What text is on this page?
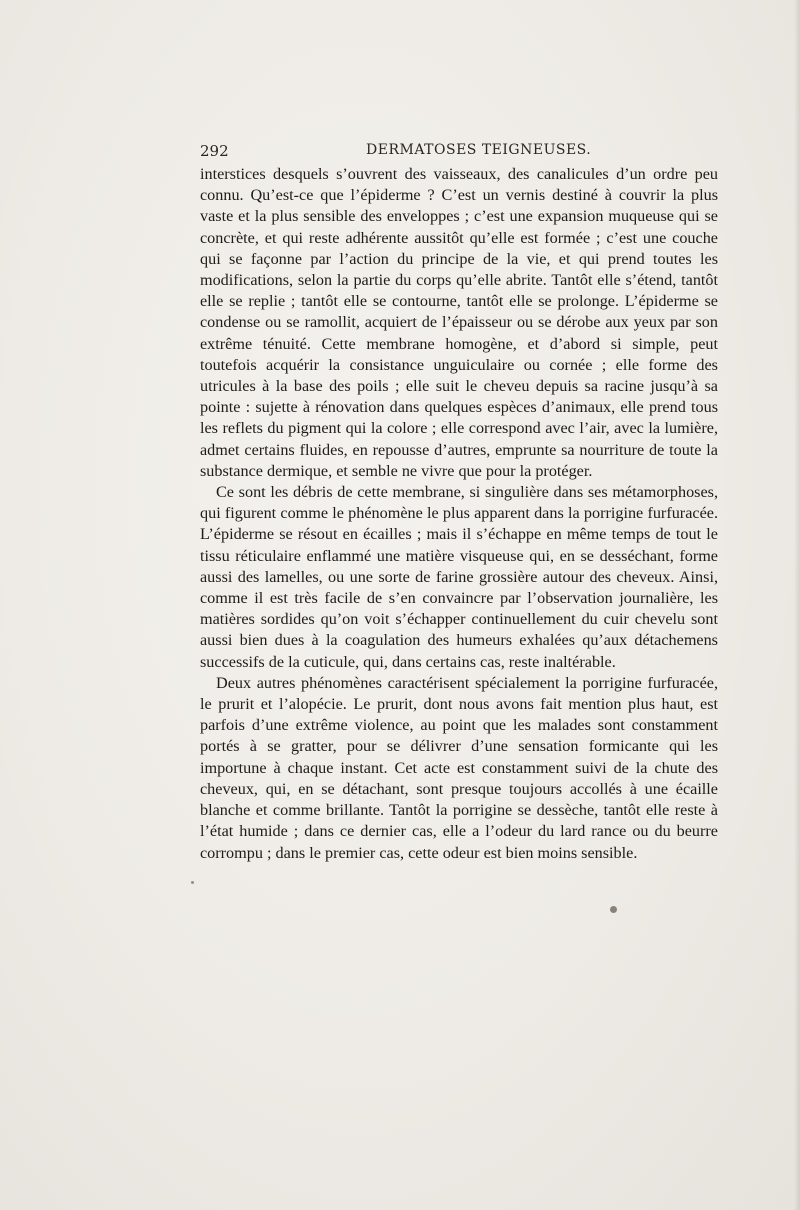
292	DERMATOSES TEIGNEUSES.

interstices desquels s’ouvrent des vaisseaux, des canalicules d’un ordre peu connu. Qu’est-ce que l’épiderme ? C’est un vernis destiné à couvrir la plus vaste et la plus sensible des enveloppes ; c’est une expansion muqueuse qui se concrète, et qui reste adhérente aussitôt qu’elle est formée ; c’est une couche qui se façonne par l’action du principe de la vie, et qui prend toutes les modifications, selon la partie du corps qu’elle abrite. Tantôt elle s’étend, tantôt elle se replie ; tantôt elle se contourne, tantôt elle se prolonge. L’épiderme se condense ou se ramollit, acquiert de l’épaisseur ou se dérobe aux yeux par son extrême ténuité. Cette membrane homogène, et d’abord si simple, peut toutefois acquérir la consistance unguiculaire ou cornée ; elle forme des utricules à la base des poils ; elle suit le cheveu depuis sa racine jusqu’à sa pointe : sujette à rénovation dans quelques espèces d’animaux, elle prend tous les reflets du pigment qui la colore ; elle correspond avec l’air, avec la lumière, admet certains fluides, en repousse d’autres, emprunte sa nourriture de toute la substance dermique, et semble ne vivre que pour la protéger.

Ce sont les débris de cette membrane, si singulière dans ses métamorphoses, qui figurent comme le phénomène le plus apparent dans la porrigine furfuracée. L’épiderme se résout en écailles ; mais il s’échappe en même temps de tout le tissu réticulaire enflammé une matière visqueuse qui, en se desséchant, forme aussi des lamelles, ou une sorte de farine grossière autour des cheveux. Ainsi, comme il est très facile de s’en convaincre par l’observation journalière, les matières sordides qu’on voit s’échapper continuellement du cuir chevelu sont aussi bien dues à la coagulation des humeurs exhalées qu’aux détachemens successifs de la cuticule, qui, dans certains cas, reste inaltérable.

Deux autres phénomènes caractérisent spécialement la porrigine furfuracée, le prurit et l’alopécie. Le prurit, dont nous avons fait mention plus haut, est parfois d’une extrême violence, au point que les malades sont constamment portés à se gratter, pour se délivrer d’une sensation formicante qui les importune à chaque instant. Cet acte est constamment suivi de la chute des cheveux, qui, en se détachant, sont presque toujours accollés à une écaille blanche et comme brillante. Tantôt la porrigine se dessèche, tantôt elle reste à l’état humide ; dans ce dernier cas, elle a l’odeur du lard rance ou du beurre corrompu ; dans le premier cas, cette odeur est bien moins sensible.
